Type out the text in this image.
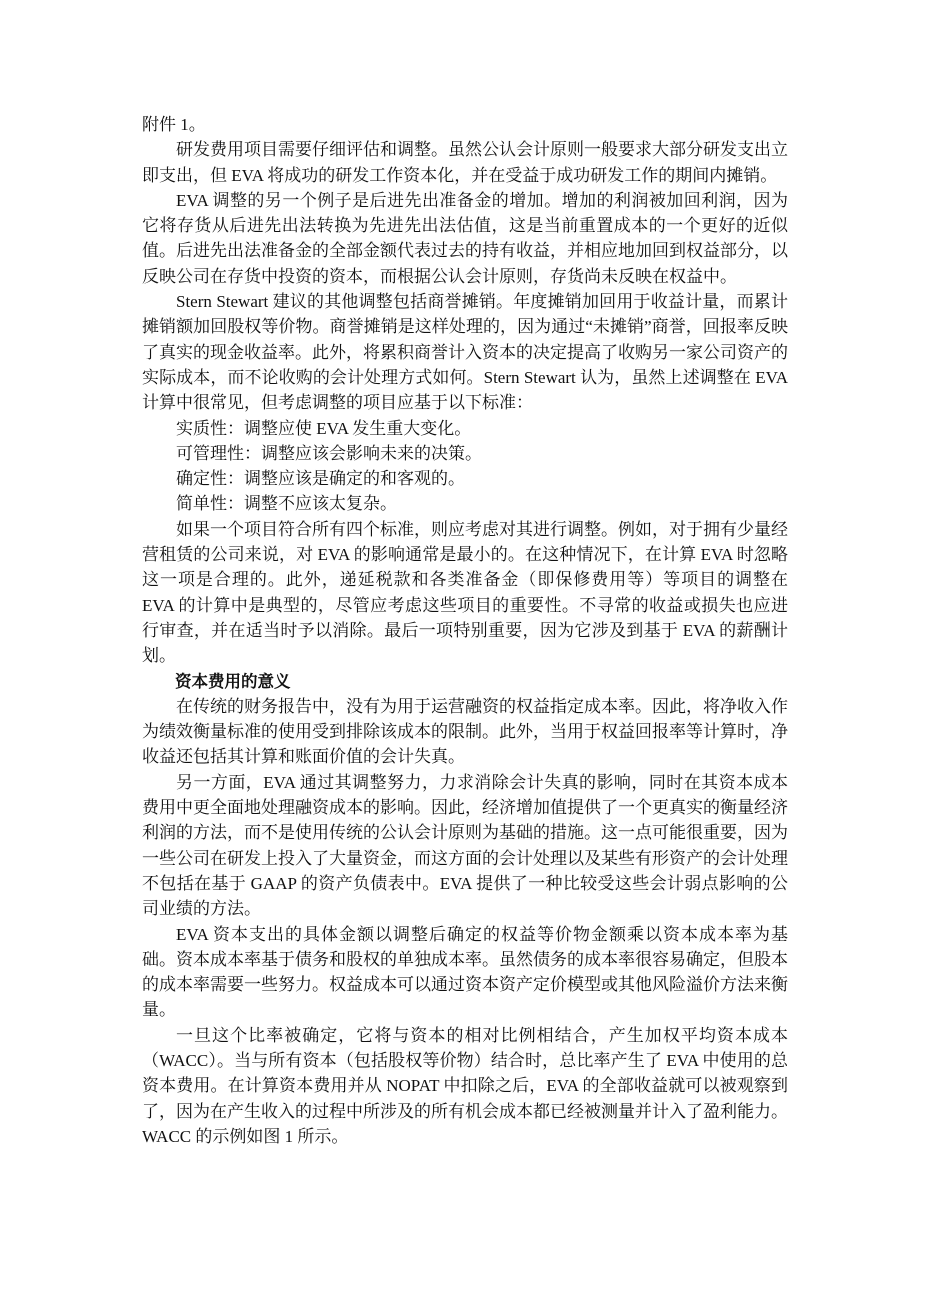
附件 1。

研发费用项目需要仔细评估和调整。虽然公认会计原则一般要求大部分研发支出立即支出，但 EVA 将成功的研发工作资本化，并在受益于成功研发工作的期间内摊销。

EVA 调整的另一个例子是后进先出准备金的增加。增加的利润被加回利润，因为它将存货从后进先出法转换为先进先出法估值，这是当前重置成本的一个更好的近似值。后进先出法准备金的全部金额代表过去的持有收益，并相应地加回到权益部分，以反映公司在存货中投资的资本，而根据公认会计原则，存货尚未反映在权益中。

Stern Stewart 建议的其他调整包括商誉摊销。年度摊销加回用于收益计量，而累计摊销额加回股权等价物。商誉摊销是这样处理的，因为通过“未摊销”商誉，回报率反映了真实的现金收益率。此外，将累积商誉计入资本的决定提高了收购另一家公司资产的实际成本，而不论收购的会计处理方式如何。Stern Stewart 认为，虽然上述调整在 EVA 计算中很常见，但考虑调整的项目应基于以下标准：

实质性：调整应使 EVA 发生重大变化。

可管理性：调整应该会影响未来的决策。

确定性：调整应该是确定的和客观的。

简单性：调整不应该太复杂。

如果一个项目符合所有四个标准，则应考虑对其进行调整。例如，对于拥有少量经营租赁的公司来说，对 EVA 的影响通常是最小的。在这种情况下，在计算 EVA 时忽略这一项是合理的。此外，递延税款和各类准备金（即保修费用等）等项目的调整在 EVA 的计算中是典型的，尽管应考虑这些项目的重要性。不寻常的收益或损失也应进行审查，并在适当时予以消除。最后一项特别重要，因为它涉及到基于 EVA 的薪酬计划。

资本费用的意义

在传统的财务报告中，没有为用于运营融资的权益指定成本率。因此，将净收入作为绩效衡量标准的使用受到排除该成本的限制。此外，当用于权益回报率等计算时，净收益还包括其计算和账面价值的会计失真。

另一方面，EVA 通过其调整努力，力求消除会计失真的影响，同时在其资本成本费用中更全面地处理融资成本的影响。因此，经济增加值提供了一个更真实的衡量经济利润的方法，而不是使用传统的公认会计原则为基础的措施。这一点可能很重要，因为一些公司在研发上投入了大量资金，而这方面的会计处理以及某些有形资产的会计处理不包括在基于 GAAP 的资产负债表中。EVA 提供了一种比较受这些会计弱点影响的公司业绩的方法。

EVA 资本支出的具体金额以调整后确定的权益等价物金额乘以资本成本率为基础。资本成本率基于债务和股权的单独成本率。虽然债务的成本率很容易确定，但股本的成本率需要一些努力。权益成本可以通过资本资产定价模型或其他风险溢价方法来衡量。

一旦这个比率被确定，它将与资本的相对比例相结合，产生加权平均资本成本（WACC）。当与所有资本（包括股权等价物）结合时，总比率产生了 EVA 中使用的总资本费用。在计算资本费用并从 NOPAT 中扣除之后，EVA 的全部收益就可以被观察到了，因为在产生收入的过程中所涉及的所有机会成本都已经被测量并计入了盈利能力。WACC 的示例如图 1 所示。
